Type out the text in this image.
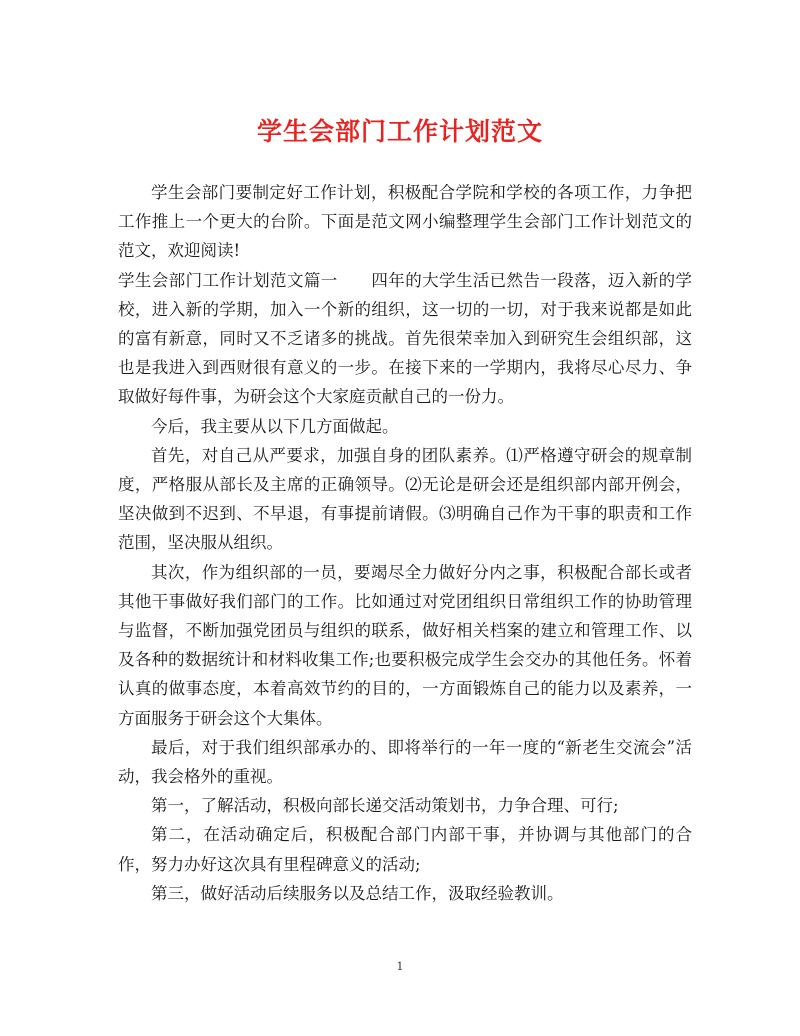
学生会部门工作计划范文

学生会部门要制定好工作计划，积极配合学院和学校的各项工作，力争把工作推上一个更大的台阶。下面是范文网小编整理学生会部门工作计划范文的范文，欢迎阅读!

学生会部门工作计划范文篇一　　四年的大学生活已然告一段落，迈入新的学校，进入新的学期，加入一个新的组织，这一切的一切，对于我来说都是如此的富有新意，同时又不乏诸多的挑战。首先很荣幸加入到研究生会组织部，这也是我进入到西财很有意义的一步。在接下来的一学期内，我将尽心尽力、争取做好每件事，为研会这个大家庭贡献自己的一份力。

今后，我主要从以下几方面做起。

首先，对自己从严要求，加强自身的团队素养。⑴严格遵守研会的规章制度，严格服从部长及主席的正确领导。⑵无论是研会还是组织部内部开例会，坚决做到不迟到、不早退，有事提前请假。⑶明确自己作为干事的职责和工作范围，坚决服从组织。

其次，作为组织部的一员，要竭尽全力做好分内之事，积极配合部长或者其他干事做好我们部门的工作。比如通过对党团组织日常组织工作的协助管理与监督，不断加强党团员与组织的联系，做好相关档案的建立和管理工作、以及各种的数据统计和材料收集工作;也要积极完成学生会交办的其他任务。怀着认真的做事态度，本着高效节约的目的，一方面锻炼自己的能力以及素养，一方面服务于研会这个大集体。

最后，对于我们组织部承办的、即将举行的一年一度的“新老生交流会”活动，我会格外的重视。

第一，了解活动，积极向部长递交活动策划书，力争合理、可行;

第二，在活动确定后，积极配合部门内部干事，并协调与其他部门的合作，努力办好这次具有里程碑意义的活动;

第三，做好活动后续服务以及总结工作，汲取经验教训。

1
